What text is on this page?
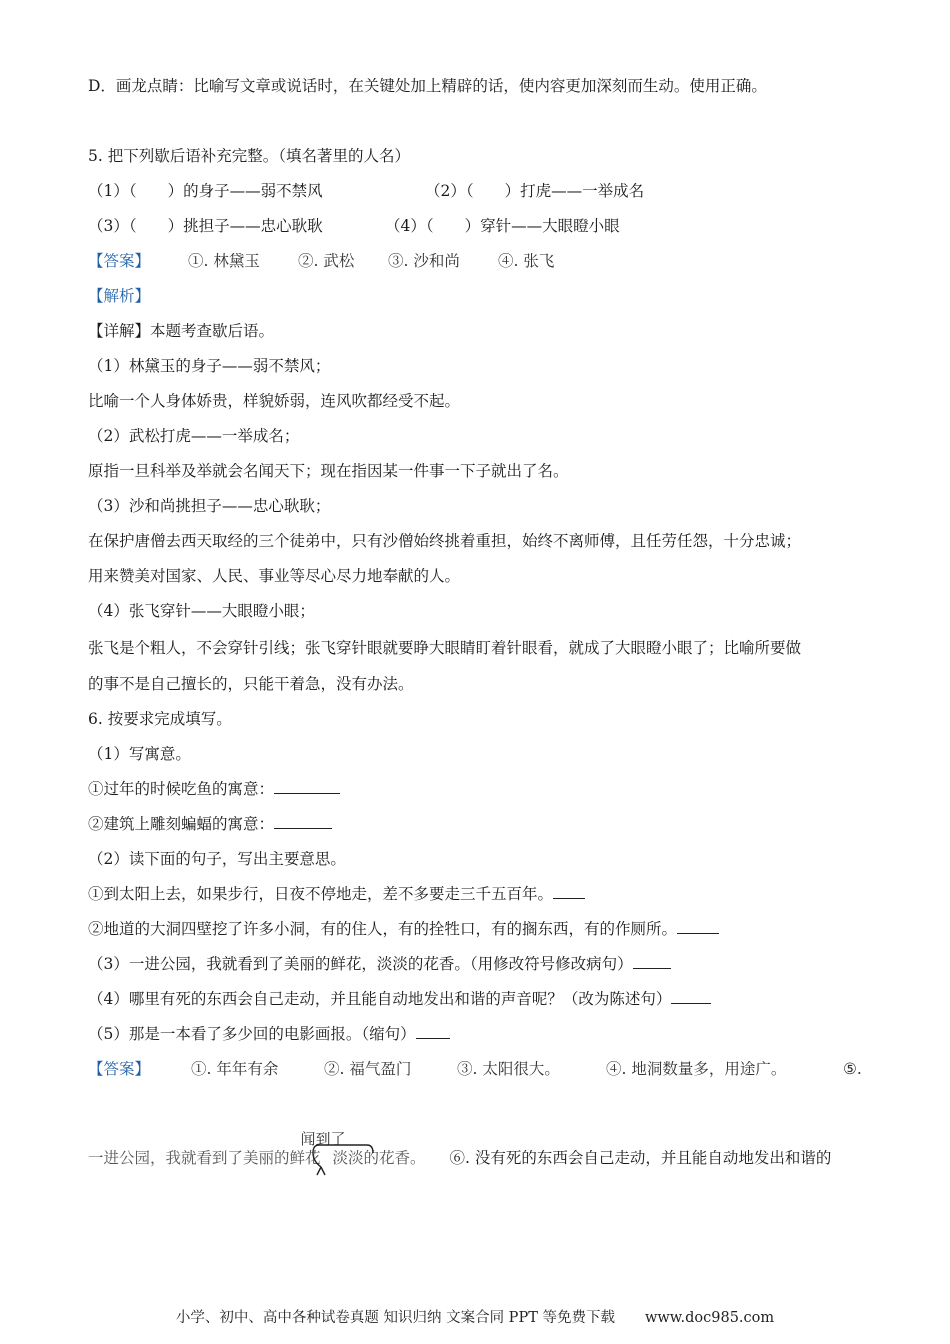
D．画龙点睛：比喻写文章或说话时，在关键处加上精辟的话，使内容更加深刻而生动。使用正确。
5. 把下列歇后语补充完整。（填名著里的人名）
（1）（　　）的身子——弱不禁风	（2）（　　）打虎——一举成名
（3）（　　）挑担子——忠心耿耿	（4）（　　）穿针——大眼瞪小眼
【答案】 ①. 林黛玉 ②. 武松 ③. 沙和尚 ④. 张飞
【解析】
【详解】本题考查歇后语。
（1）林黛玉的身子——弱不禁风；
比喻一个人身体娇贵，样貌娇弱，连风吹都经受不起。
（2）武松打虎——一举成名；
原指一旦科举及举就会名闻天下；现在指因某一件事一下子就出了名。
（3）沙和尚挑担子——忠心耿耿；
在保护唐僧去西天取经的三个徒弟中，只有沙僧始终挑着重担，始终不离师傅，且任劳任怨，十分忠诚；
用来赞美对国家、人民、事业等尽心尽力地奉献的人。
（4）张飞穿针——大眼瞪小眼；
张飞是个粗人，不会穿针引线；张飞穿针眼就要睁大眼睛盯着针眼看，就成了大眼瞪小眼了；比喻所要做
的事不是自己擅长的，只能干着急，没有办法。
6. 按要求完成填写。
（1）写寓意。
①过年的时候吃鱼的寓意：
②建筑上雕刻蝙蝠的寓意：
（2）读下面的句子，写出主要意思。
①到太阳上去，如果步行，日夜不停地走，差不多要走三千五百年。
②地道的大洞四壁挖了许多小洞，有的住人，有的拴牲口，有的搁东西，有的作厕所。
（3）一进公园，我就看到了美丽的鲜花，淡淡的花香。（用修改符号修改病句）
（4）哪里有死的东西会自己走动，并且能自动地发出和谐的声音呢？（改为陈述句）
（5）那是一本看了多少回的电影画报。（缩句）
【答案】	①. 年年有余	②. 福气盈门	③. 太阳很大。	④. 地洞数量多，用途广。	⑤.
一进公园，我就看到了美丽的鲜花
闻到了
淡淡的花香。 ⑥. 没有死的东西会自己走动，并且能自动地发出和谐的
小学、初中、高中各种试卷真题 知识归纳 文案合同 PPT 等免费下载 www.doc985.com
